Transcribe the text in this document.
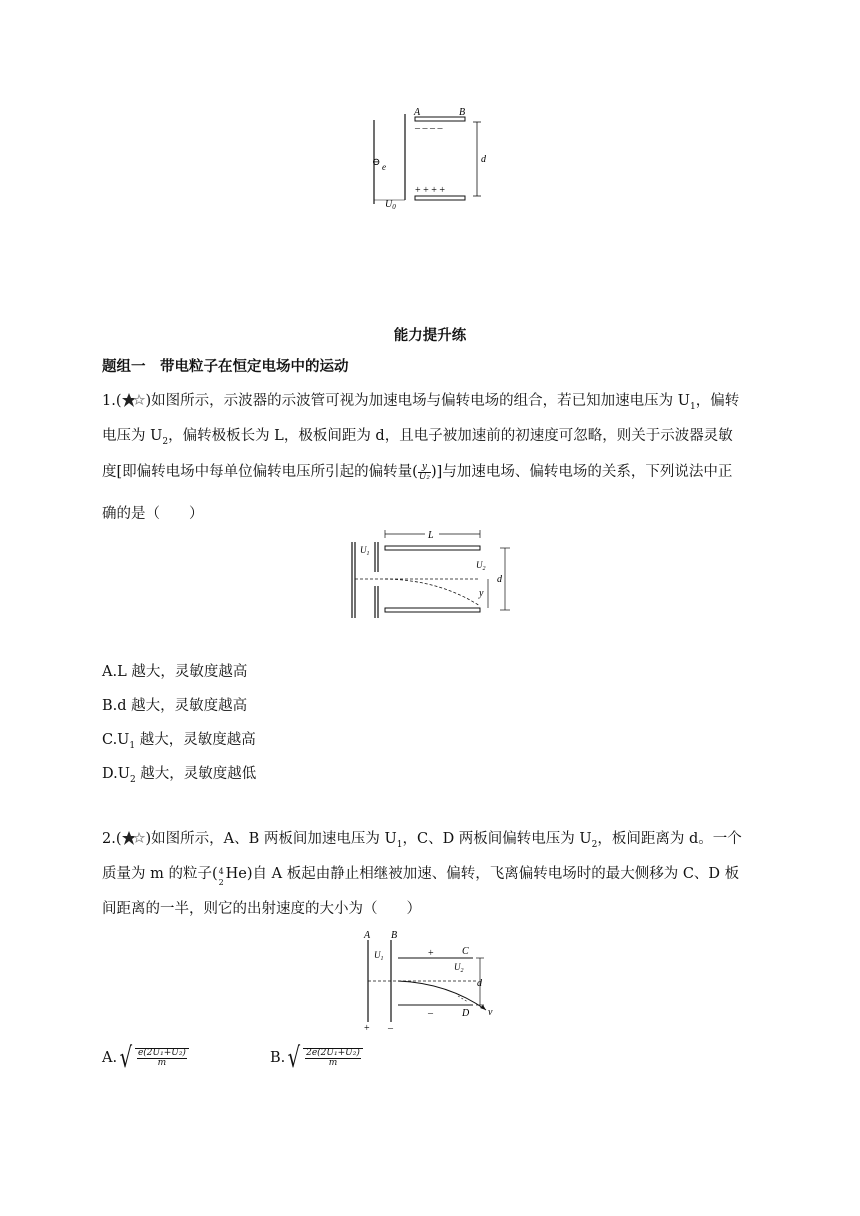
A	B
– – – –
+ + + +
d
⊖ e
$U_0$
能力提升练
题组一　带电粒子在恒定电场中的运动
1.( )如图所示，示波器的示波管可视为加速电场与偏转电场的组合，若已知加速电压为 $U_1$，偏转
电压为 $U_2$，偏转极板长为 L，极板间距为 d，且电子被加速前的初速度可忽略，则关于示波器灵敏
度[即偏转电场中每单位偏转电压所引起的偏转量( $\frac{y}{\text{U₂}}$ )]与加速电场、偏转电场的关系，下列说法中正
确的是（　　）
L
$U_1$
$U_2$
d
y
A.L 越大，灵敏度越高
B.d 越大，灵敏度越高
$C.U_1$ 越大，灵敏度越高
$D.U_2$ 越大，灵敏度越低
2.( )如图所示，A、B 两板间加速电压为 $U_1$，C、D 两板间偏转电压为 $U_2$，板间距离为 d。一个
质量为 m 的粒子( 4
2
He)自 A 板起由静止相继被加速、偏转，飞离偏转电场时的最大侧移为 C、D 板
间距离的一半，则它的出射速度的大小为（　　）
A B
+ –
$U_1$	+
–
C
D
$U_2$
v
d
A. √ $\frac{\text{e(2U₁+U₂)}}{m}$	B. √ $\frac{\text{2e(2U₁+U₂)}}{m}$
